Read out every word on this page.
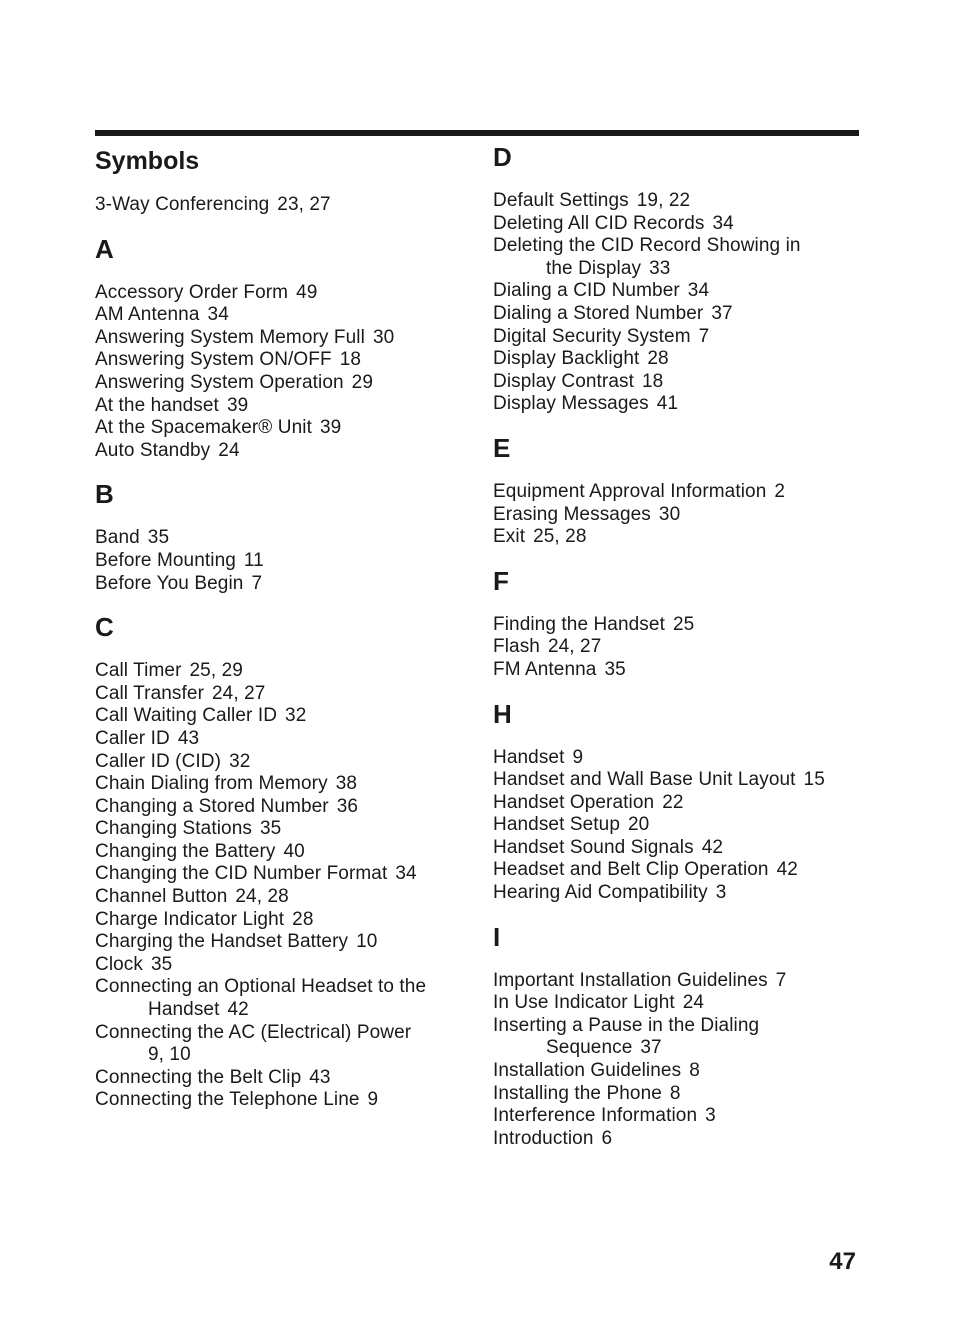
Symbols
3-Way Conferencing 23, 27
A
Accessory Order Form 49
AM Antenna 34
Answering System Memory Full 30
Answering System ON/OFF 18
Answering System Operation 29
At the handset 39
At the Spacemaker® Unit 39
Auto Standby 24
B
Band 35
Before Mounting 11
Before You Begin 7
C
Call Timer 25, 29
Call Transfer 24, 27
Call Waiting Caller ID 32
Caller ID 43
Caller ID (CID) 32
Chain Dialing from Memory 38
Changing a Stored Number 36
Changing Stations 35
Changing the Battery 40
Changing the CID Number Format 34
Channel Button 24, 28
Charge Indicator Light 28
Charging the Handset Battery 10
Clock 35
Connecting an Optional Headset to the
Handset 42
Connecting the AC (Electrical) Power
9, 10
Connecting the Belt Clip 43
Connecting the Telephone Line 9
D
Default Settings 19, 22
Deleting All CID Records 34
Deleting the CID Record Showing in
the Display 33
Dialing a CID Number 34
Dialing a Stored Number 37
Digital Security System 7
Display Backlight 28
Display Contrast 18
Display Messages 41
E
Equipment Approval Information 2
Erasing Messages 30
Exit 25, 28
F
Finding the Handset 25
Flash 24, 27
FM Antenna 35
H
Handset 9
Handset and Wall Base Unit Layout 15
Handset Operation 22
Handset Setup 20
Handset Sound Signals 42
Headset and Belt Clip Operation 42
Hearing Aid Compatibility 3
I
Important Installation Guidelines 7
In Use Indicator Light 24
Inserting a Pause in the Dialing
Sequence 37
Installation Guidelines 8
Installing the Phone 8
Interference Information 3
Introduction 6
47
